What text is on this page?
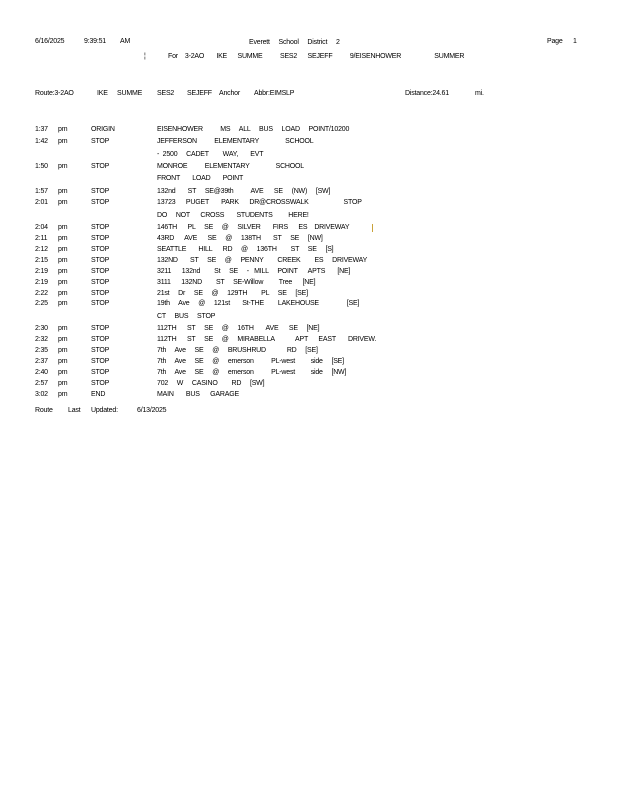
6/16/2025	9:39:51 AM	Everett     School     District     2	Page 1
¦	For    3-2AO       IKE      SUMME          SES2      SEJEFF          9/EISENHOWER                   SUMMER
Route:3-2AO	IKE SUMME SES2 SEJEFF Anchor Abbr:EIMSLP	Distance:24.61	mi.
1:37 pm	ORIGIN	EISENHOWER          MS     ALL     BUS     LOAD     POINT/10200
1:42 pm	STOP	JEFFERSON          ELEMENTARY               SCHOOL
-  2500     CADET        WAY,       EVT
1:50 pm	STOP	MONROE          ELEMENTARY               SCHOOL
FRONT       LOAD       POINT
1:57 pm	STOP	132nd       ST     SE@39th          AVE      SE     (NW)     [SW]
2:01 pm	STOP	13723      PUGET       PARK      DR@CROSSWALK                    STOP
DO     NOT      CROSS       STUDENTS         HERE!
2:04 pm	STOP	146TH      PL     SE     @     SILVER       FIRS      ES    DRIVEWAY
2:11 pm	STOP	43RD      AVE      SE     @     138TH       ST     SE     [NW]
2:12 pm	STOP	SEATTLE       HILL      RD     @     136TH        ST     SE     [S]
2:15 pm	STOP	132ND       ST     SE     @     PENNY        CREEK        ES     DRIVEWAY
2:19 pm	STOP	3211      132nd        St     SE     -   MILL     POINT      APTS       [NE]
2:19 pm	STOP	3111      132ND        ST     SE-Willow         Tree      [NE]
2:22 pm	STOP	21st     Dr     SE     @     129TH        PL     SE     [SE]
2:25 pm	STOP	19th     Ave     @     121st       St-THE        LAKEHOUSE                [SE]
CT     BUS     STOP
2:30 pm	STOP	112TH      ST     SE     @     16TH       AVE      SE     [NE]
2:32 pm	STOP	112TH      ST     SE     @     MIRABELLA            APT      EAST       DRIVEW.
2:35 pm	STOP	7th     Ave     SE     @     BRUSHRUD            RD     [SE]
2:37 pm	STOP	7th     Ave     SE     @     emerson          PL-west         side     [SE]
2:40 pm	STOP	7th     Ave     SE     @     emerson          PL-west         side     [NW]
2:57 pm	STOP	702     W     CASINO        RD     [SW]
3:02 pm	END	MAIN       BUS      GARAGE
Route Last Updated:	6/13/2025
